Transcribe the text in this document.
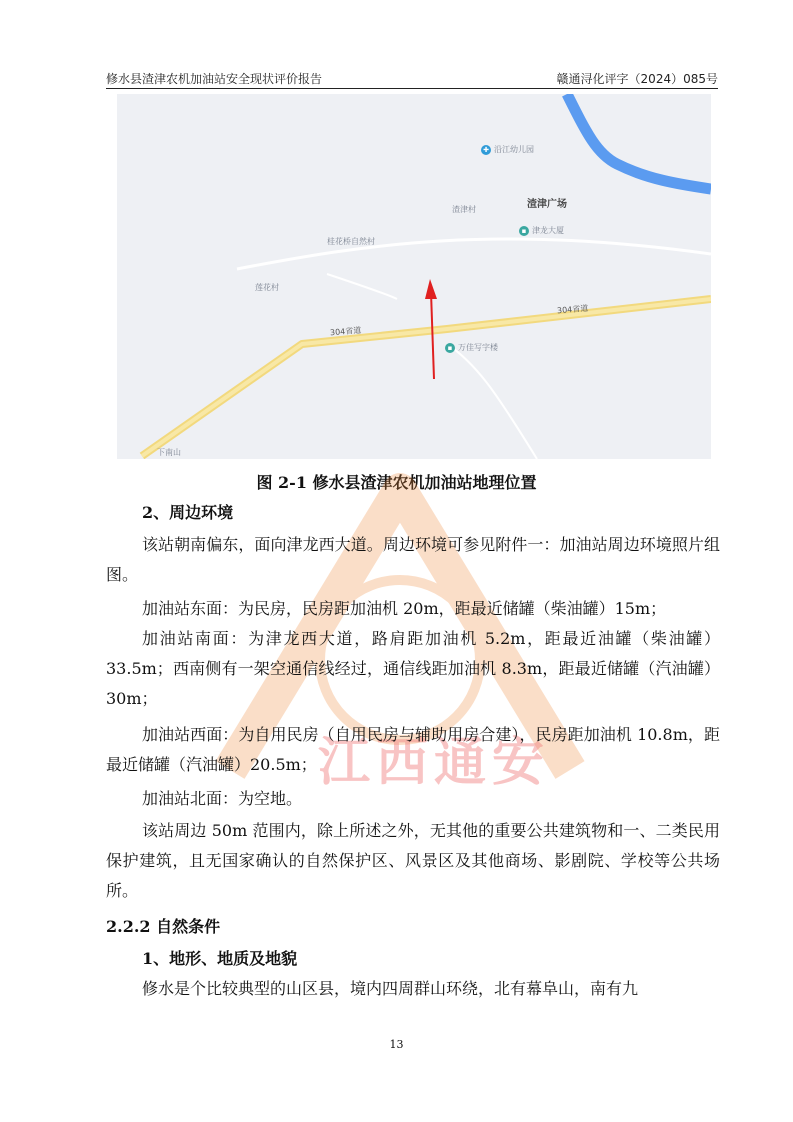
修水县渣津农机加油站安全现状评价报告	赣通浔化评字（2024）085号
✚ 沿江幼儿园
渣津村	渣津广场
▪ 津龙大厦
桂花桥自然村
莲花村
304省道
304省道
▪ 万佳写字楼
下南山
图 2-1 修水县渣津农机加油站地理位置
江西通安
2、周边环境
该站朝南偏东，面向津龙西大道。周边环境可参见附件一：加油站周边环境照片组图。
加油站东面：为民房，民房距加油机 20m，距最近储罐（柴油罐）15m；
加油站南面：为津龙西大道，路肩距加油机 5.2m，距最近油罐（柴油罐）33.5m；西南侧有一架空通信线经过，通信线距加油机 8.3m，距最近储罐（汽油罐）30m；
加油站西面：为自用民房（自用民房与辅助用房合建），民房距加油机 10.8m，距最近储罐（汽油罐）20.5m；
加油站北面：为空地。
该站周边 50m 范围内，除上所述之外，无其他的重要公共建筑物和一、二类民用保护建筑，且无国家确认的自然保护区、风景区及其他商场、影剧院、学校等公共场所。
2.2.2 自然条件
1、地形、地质及地貌
修水是个比较典型的山区县，境内四周群山环绕，北有幕阜山，南有九
13
